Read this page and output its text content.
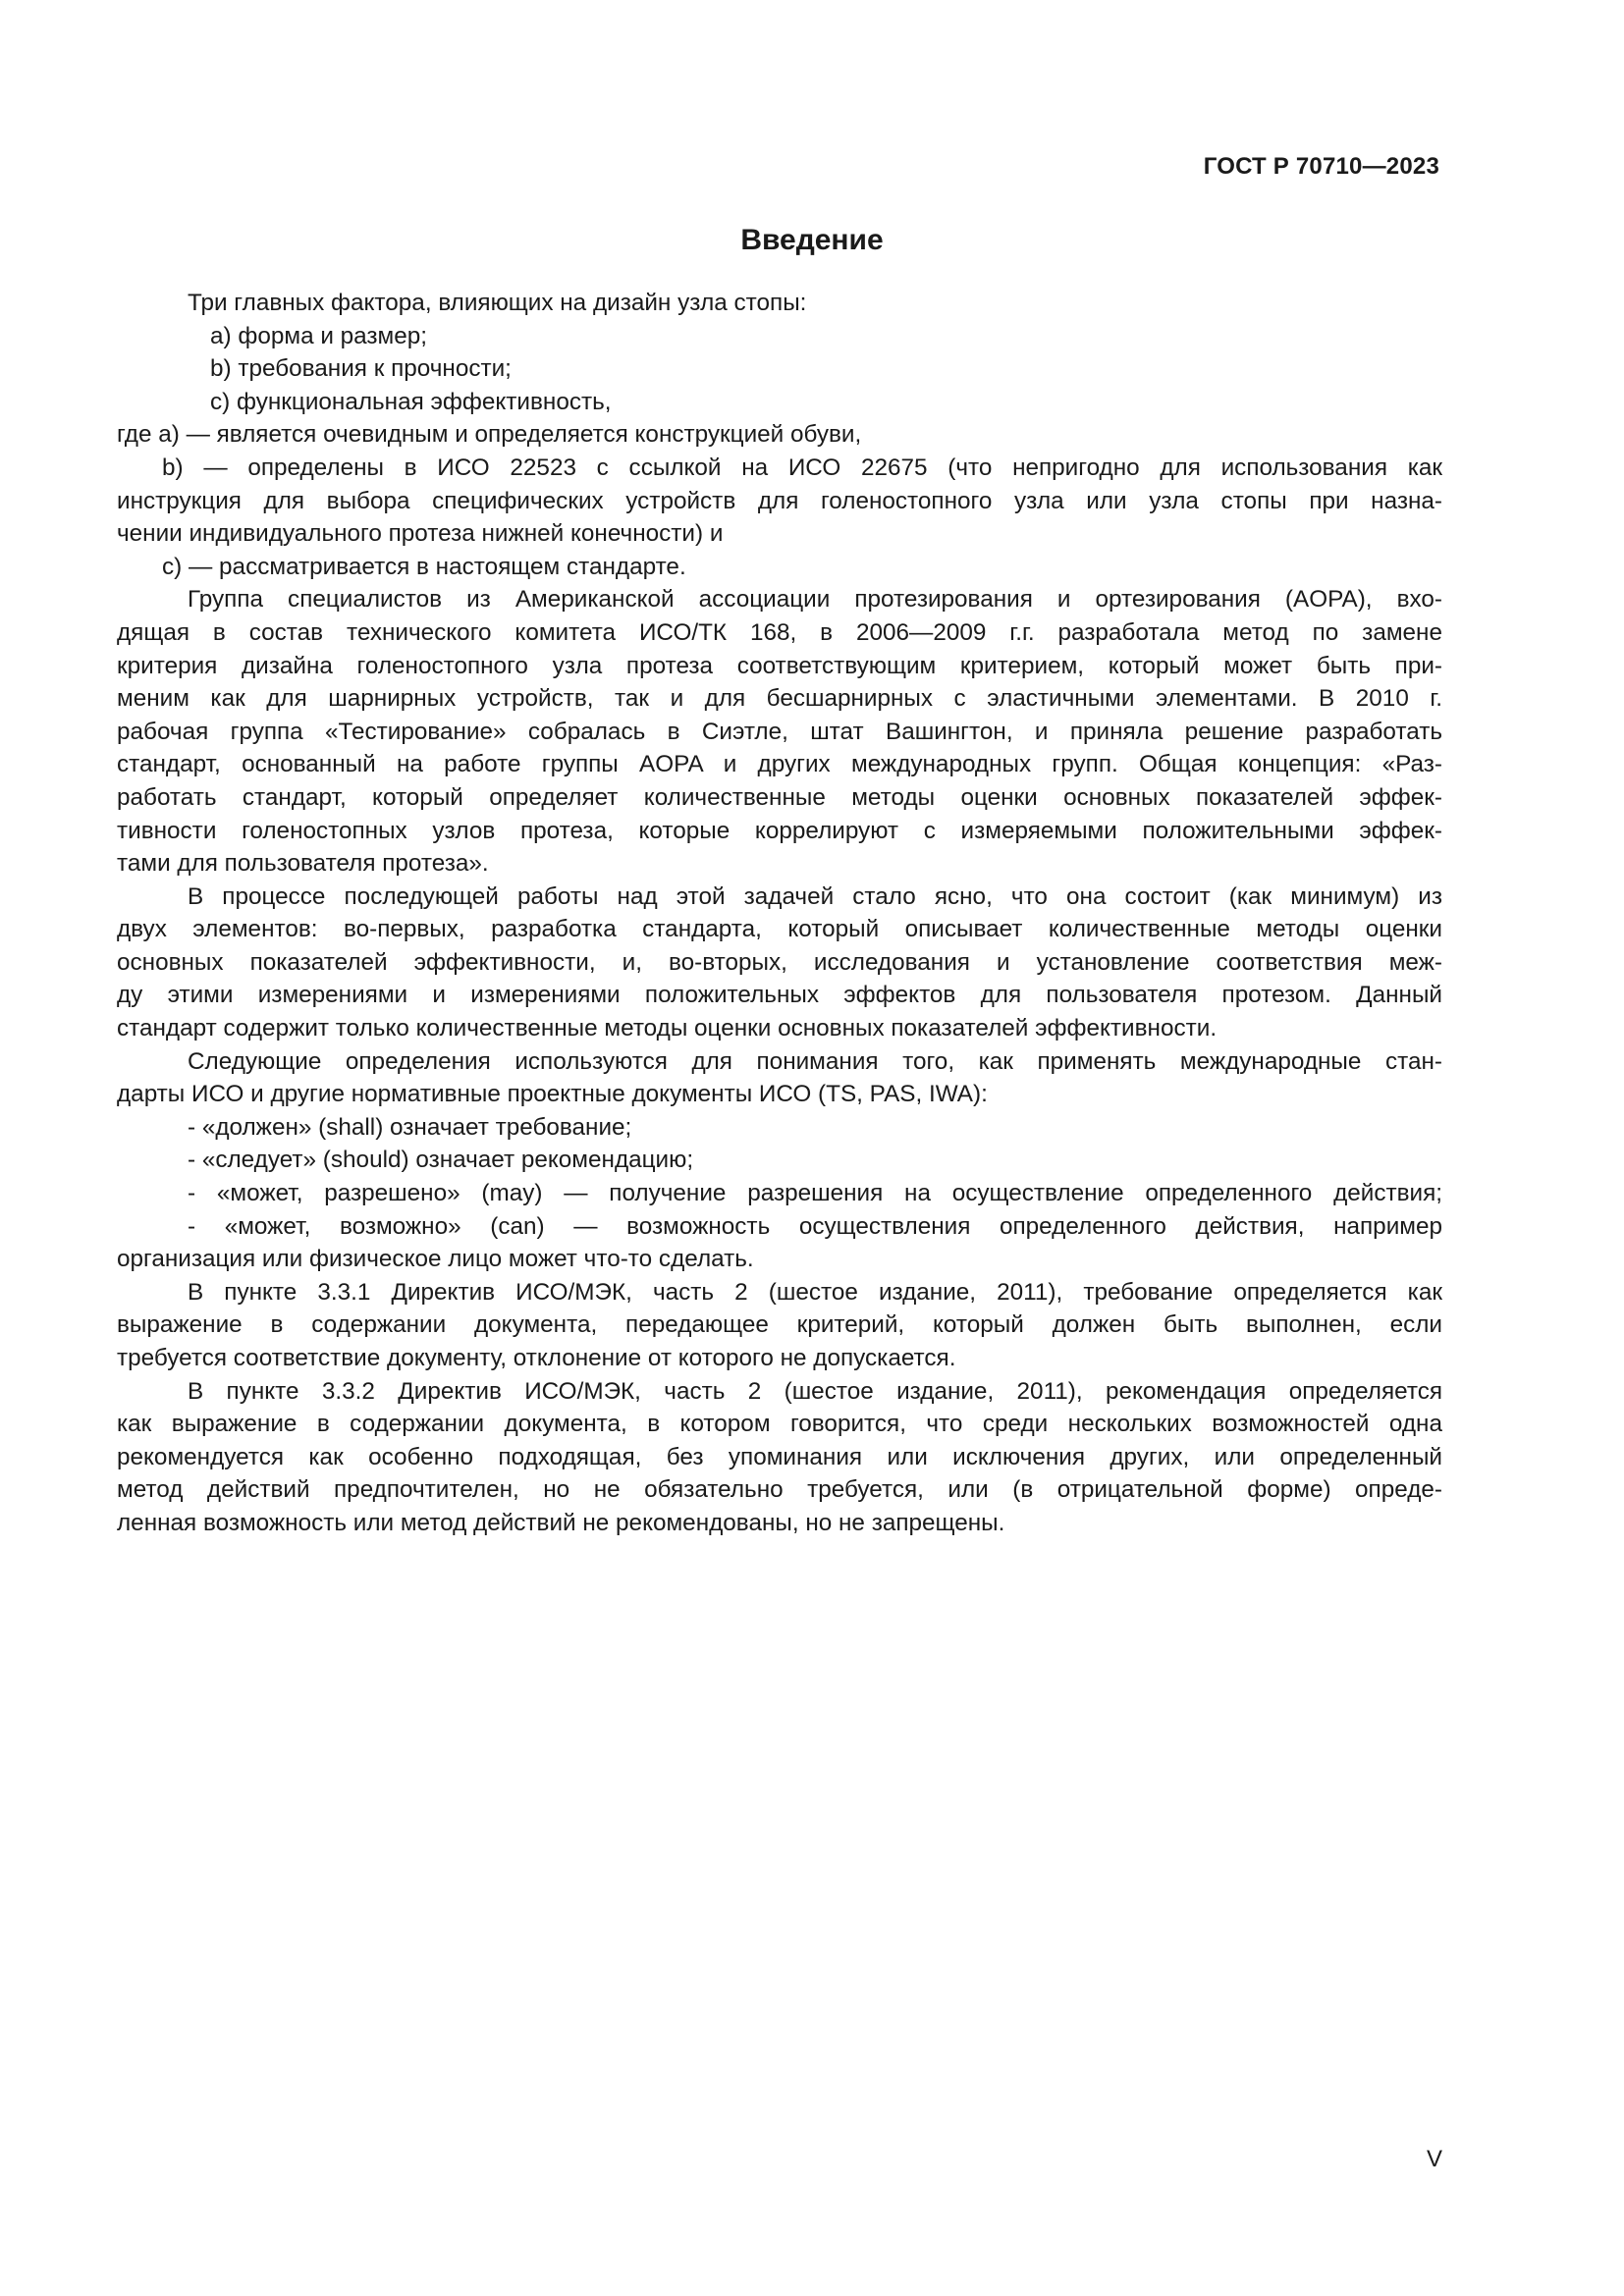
ГОСТ Р 70710—2023
Введение
Три главных фактора, влияющих на дизайн узла стопы:
a) форма и размер;
b) требования к прочности;
c) функциональная эффективность,
где a) — является очевидным и определяется конструкцией обуви,
b) — определены в ИСО 22523 с ссылкой на ИСО 22675 (что непригодно для использования как
инструкция для выбора специфических устройств для голеностопного узла или узла стопы при назна-
чении индивидуального протеза нижней конечности) и
c) — рассматривается в настоящем стандарте.
Группа специалистов из Американской ассоциации протезирования и ортезирования (AOPA), вхо-
дящая в состав технического комитета ИСО/ТК 168, в 2006—2009 г.г. разработала метод по замене
критерия дизайна голеностопного узла протеза соответствующим критерием, который может быть при-
меним как для шарнирных устройств, так и для бесшарнирных с эластичными элементами. В 2010 г.
рабочая группа «Тестирование» собралась в Сиэтле, штат Вашингтон, и приняла решение разработать
стандарт, основанный на работе группы AOPA и других международных групп. Общая концепция: «Раз-
работать стандарт, который определяет количественные методы оценки основных показателей эффек-
тивности голеностопных узлов протеза, которые коррелируют с измеряемыми положительными эффек-
тами для пользователя протеза».
В процессе последующей работы над этой задачей стало ясно, что она состоит (как минимум) из
двух элементов: во-первых, разработка стандарта, который описывает количественные методы оценки
основных показателей эффективности, и, во-вторых, исследования и установление соответствия меж-
ду этими измерениями и измерениями положительных эффектов для пользователя протезом. Данный
стандарт содержит только количественные методы оценки основных показателей эффективности.
Следующие определения используются для понимания того, как применять международные стан-
дарты ИСО и другие нормативные проектные документы ИСО (TS, PAS, IWA):
- «должен» (shall) означает требование;
- «следует» (should) означает рекомендацию;
- «может, разрешено» (may) — получение разрешения на осуществление определенного действия;
- «может, возможно» (can) — возможность осуществления определенного действия, например
организация или физическое лицо может что-то сделать.
В пункте 3.3.1 Директив ИСО/МЭК, часть 2 (шестое издание, 2011), требование определяется как
выражение в содержании документа, передающее критерий, который должен быть выполнен, если
требуется соответствие документу, отклонение от которого не допускается.
В пункте 3.3.2 Директив ИСО/МЭК, часть 2 (шестое издание, 2011), рекомендация определяется
как выражение в содержании документа, в котором говорится, что среди нескольких возможностей одна
рекомендуется как особенно подходящая, без упоминания или исключения других, или определенный
метод действий предпочтителен, но не обязательно требуется, или (в отрицательной форме) опреде-
ленная возможность или метод действий не рекомендованы, но не запрещены.
V
